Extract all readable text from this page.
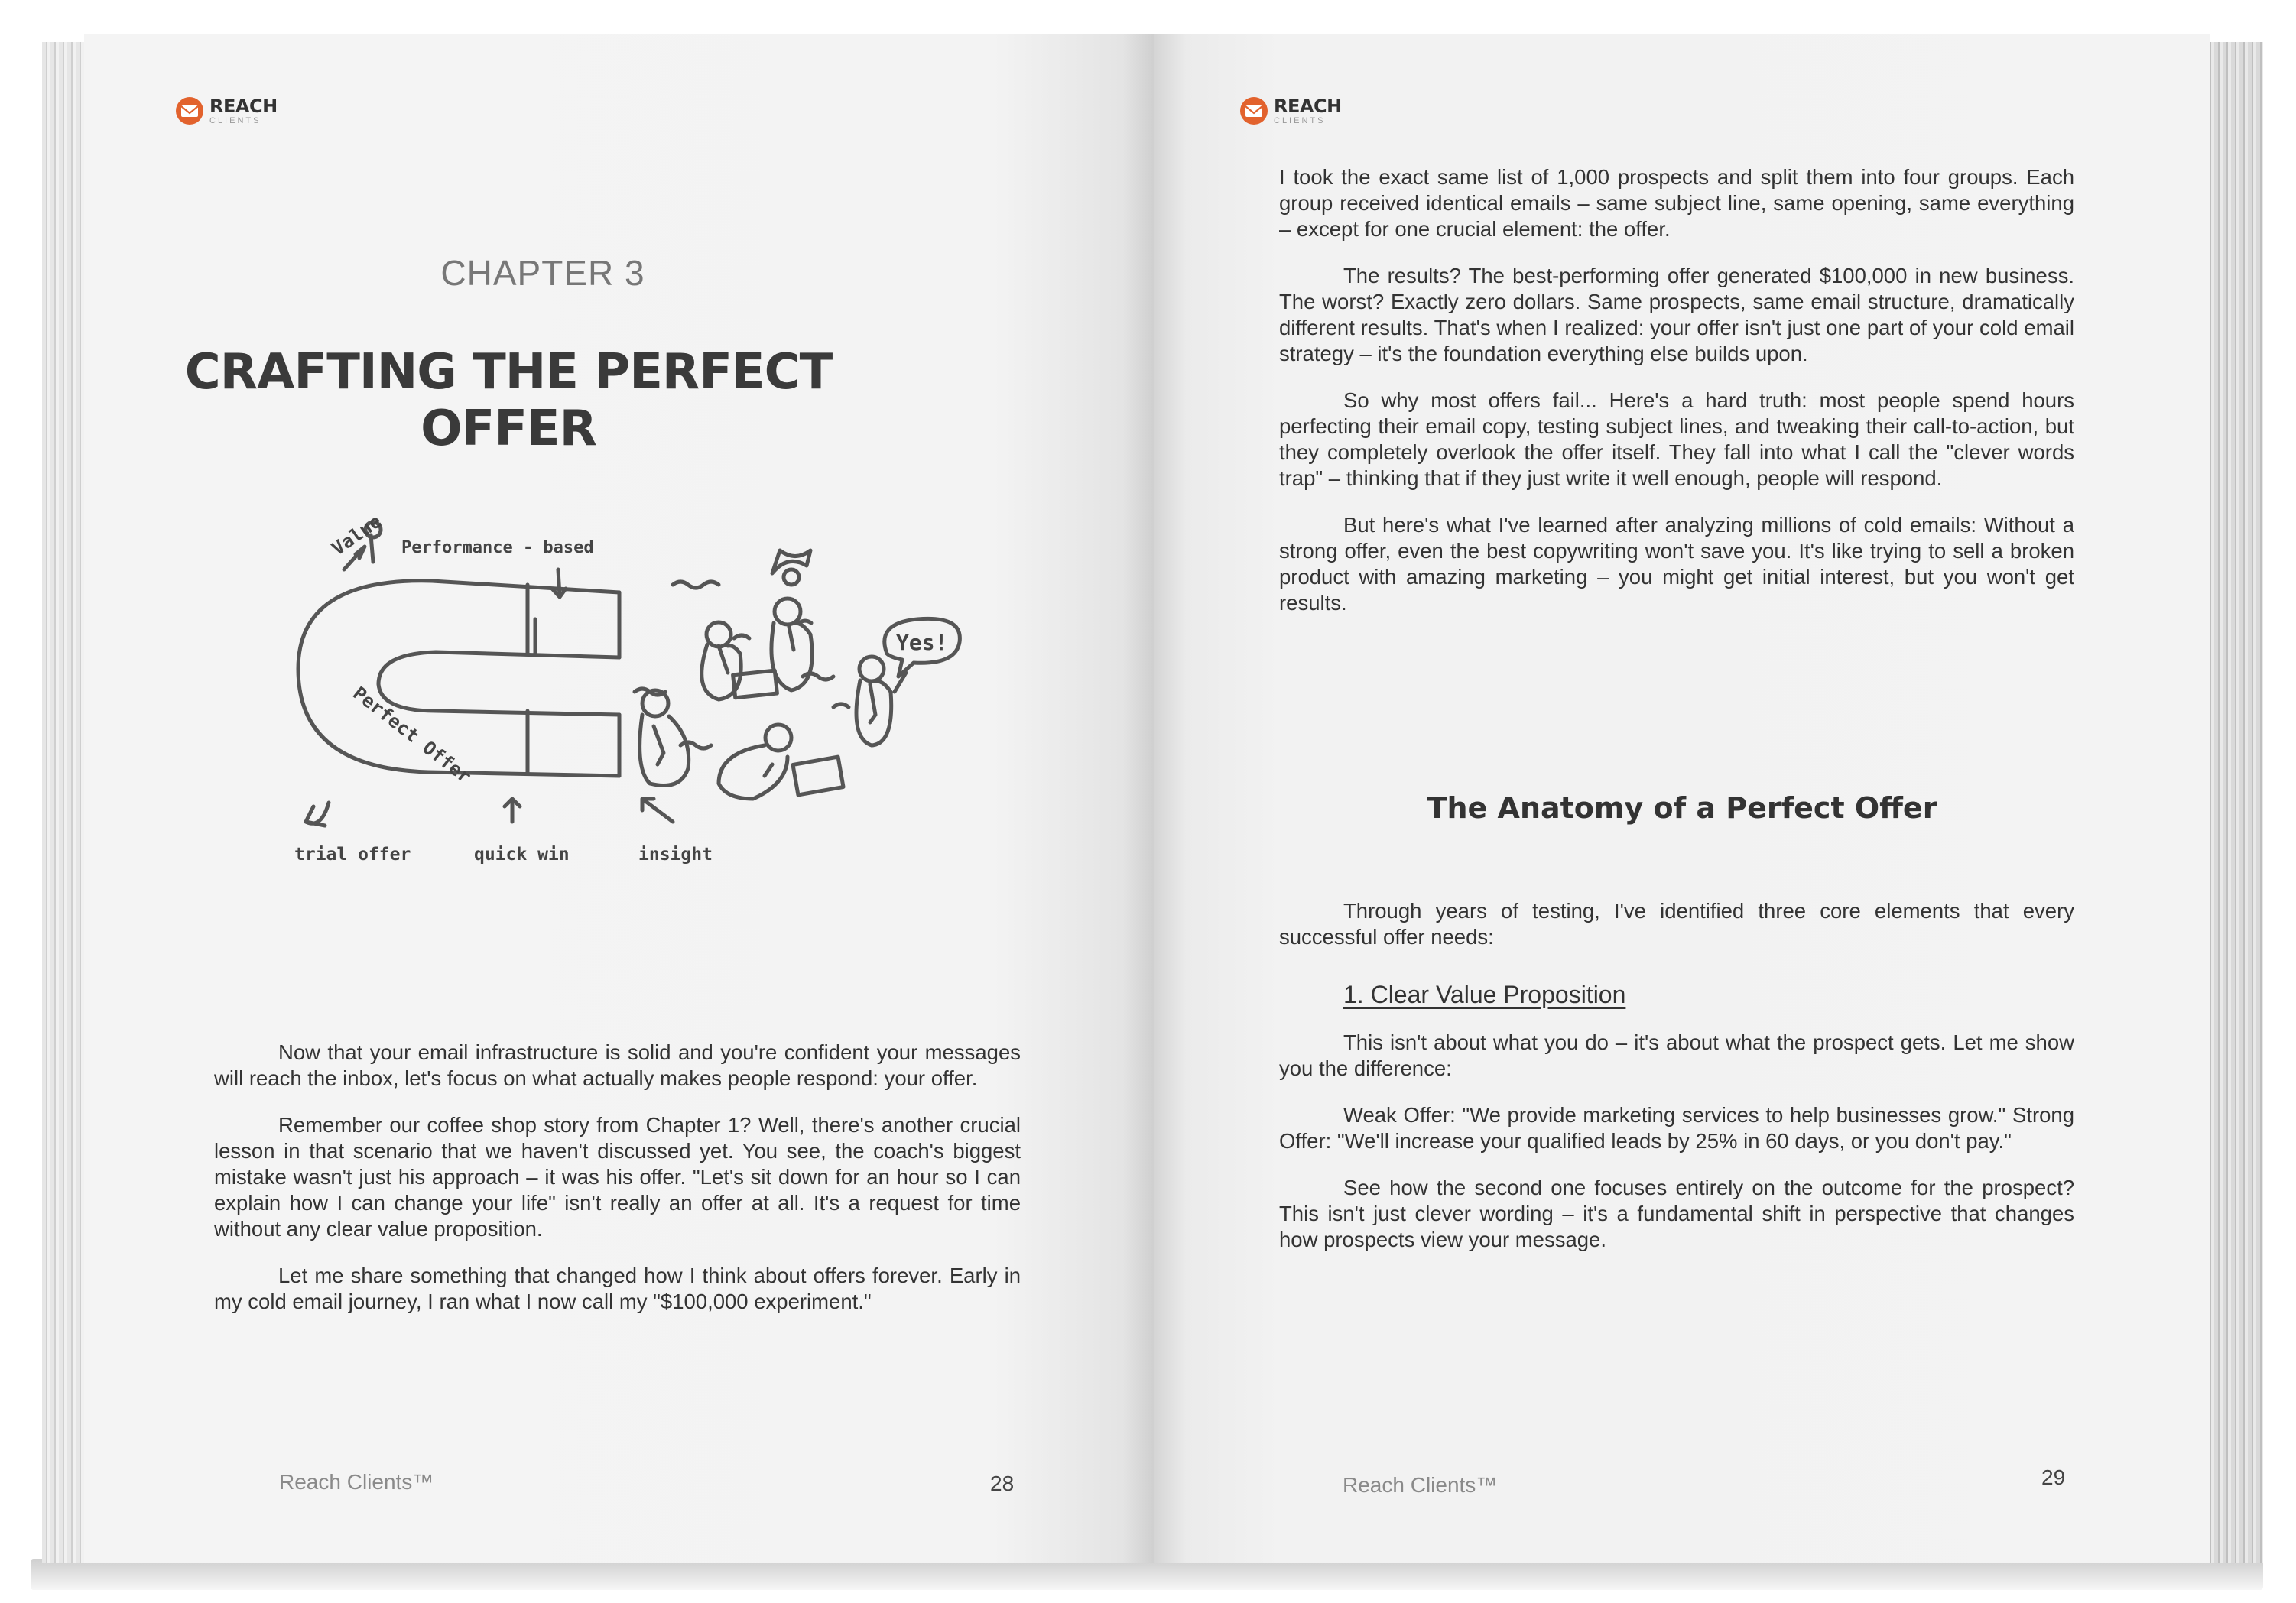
REACH
CLIENTS
CHAPTER 3
CRAFTING THE PERFECT OFFER
Value Performance - based
Perfect Offer
trial offer	quick win	insight
Yes!

Now that your email infrastructure is solid and you're confident your messages will reach the inbox, let's focus on what actually makes people respond: your offer.

Remember our coffee shop story from Chapter 1? Well, there's another crucial lesson in that scenario that we haven't discussed yet. You see, the coach's biggest mistake wasn't just his approach – it was his offer. "Let's sit down for an hour so I can explain how I can change your life" isn't really an offer at all. It's a request for time without any clear value proposition.

Let me share something that changed how I think about offers forever. Early in my cold email journey, I ran what I now call my "$100,000 experiment."

Reach Clients™	28
REACH
CLIENTS

I took the exact same list of 1,000 prospects and split them into four groups. Each group received identical emails – same subject line, same opening, same everything – except for one crucial element: the offer.

The results? The best-performing offer generated $100,000 in new business. The worst? Exactly zero dollars. Same prospects, same email structure, dramatically different results. That's when I realized: your offer isn't just one part of your cold email strategy – it's the foundation everything else builds upon.

So why most offers fail... Here's a hard truth: most people spend hours perfecting their email copy, testing subject lines, and tweaking their call-to-action, but they completely overlook the offer itself. They fall into what I call the "clever words trap" – thinking that if they just write it well enough, people will respond.

But here's what I've learned after analyzing millions of cold emails: Without a strong offer, even the best copywriting won't save you. It's like trying to sell a broken product with amazing marketing – you might get initial interest, but you won't get results.

The Anatomy of a Perfect Offer

Through years of testing, I've identified three core elements that every successful offer needs:

1. Clear Value Proposition

This isn't about what you do – it's about what the prospect gets. Let me show you the difference:

Weak Offer: "We provide marketing services to help businesses grow." Strong Offer: "We'll increase your qualified leads by 25% in 60 days, or you don't pay."

See how the second one focuses entirely on the outcome for the prospect? This isn't just clever wording – it's a fundamental shift in perspective that changes how prospects view your message.

Reach Clients™	29
